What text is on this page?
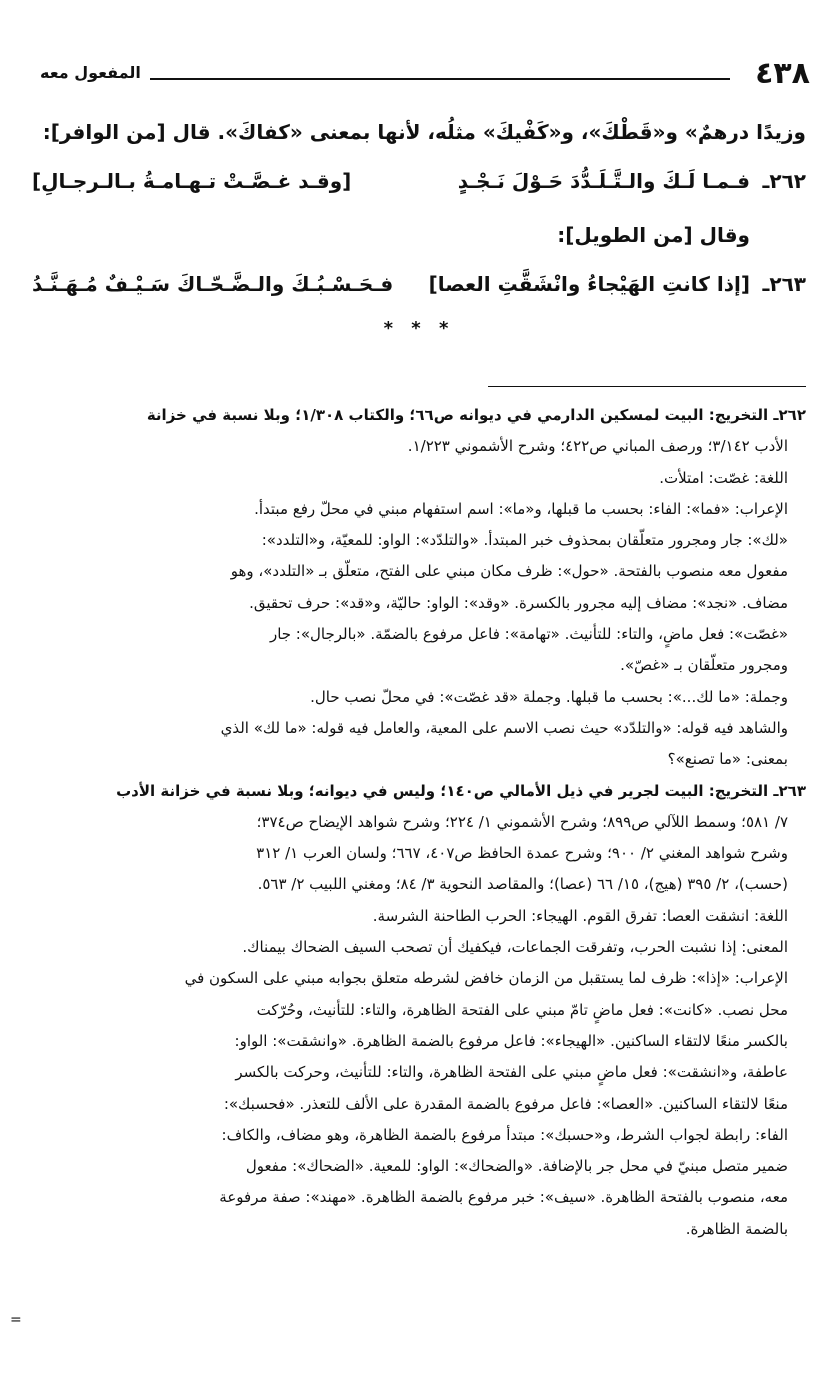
٤٣٨
المفعول معه
وزيدًا درهمٌ» و«قَطْكَ»، و«كَفْيكَ» مثلُه، لأنها بمعنى «كفاكَ». قال [من الوافر]:
٢٦٢ـ
فـمـا لَـكَ والـتَّـلَـدُّدَ حَـوْلَ نَـجْـدٍ
[وقـد غـصَّـتْ تـهـامـةُ بـالـرجـالِ]
وقال [من الطويل]:
٢٦٣ـ
[إذا كانتِ الهَيْجاءُ وانْشَقَّتِ العصا]
فـحَـسْـبُـكَ والـضَّـحّـاكَ سَـيْـفٌ مُـهَـنَّـدُ
* * *

٢٦٢ـ التخريج: البيت لمسكين الدارمي في ديوانه ص٦٦؛ والكتاب ١/٣٠٨؛ وبلا نسبة في خزانة

الأدب ٣/١٤٢؛ ورصف المباني ص٤٢٢؛ وشرح الأشموني ١/٢٢٣.

اللغة: غصّت: امتلأت.

الإعراب: «فما»: الفاء: بحسب ما قبلها، و«ما»: اسم استفهام مبني في محلّ رفع مبتدأ.

«لك»: جار ومجرور متعلّقان بمحذوف خبر المبتدأ. «والتلدّد»: الواو: للمعيّة، و«التلدد»:

مفعول معه منصوب بالفتحة. «حول»: ظرف مكان مبني على الفتح، متعلّق بـ «التلدد»، وهو

مضاف. «نجد»: مضاف إليه مجرور بالكسرة. «وقد»: الواو: حاليّة، و«قد»: حرف تحقيق.

«غصّت»: فعل ماضٍ، والتاء: للتأنيث. «تهامة»: فاعل مرفوع بالضمّة. «بالرجال»: جار

ومجرور متعلّقان بـ «غصّ».

وجملة: «ما لك...»: بحسب ما قبلها. وجملة «قد غصّت»: في محلّ نصب حال.

والشاهد فيه قوله: «والتلدّد» حيث نصب الاسم على المعية، والعامل فيه قوله: «ما لك» الذي

بمعنى: «ما تصنع»؟

٢٦٣ـ التخريج: البيت لجرير في ذيل الأمالي ص١٤٠؛ وليس في ديوانه؛ وبلا نسبة في خزانة الأدب

٧/ ٥٨١؛ وسمط اللآلي ص٨٩٩؛ وشرح الأشموني ١/ ٢٢٤؛ وشرح شواهد الإيضاح ص٣٧٤؛

وشرح شواهد المغني ٢/ ٩٠٠؛ وشرح عمدة الحافظ ص٤٠٧، ٦٦٧؛ ولسان العرب ١/ ٣١٢

(حسب)، ٢/ ٣٩٥ (هيج)، ١٥/ ٦٦ (عصا)؛ والمقاصد النحوية ٣/ ٨٤؛ ومغني اللبيب ٢/ ٥٦٣.

اللغة: انشقت العصا: تفرق القوم. الهيجاء: الحرب الطاحنة الشرسة.

المعنى: إذا نشبت الحرب، وتفرقت الجماعات، فيكفيك أن تصحب السيف الضحاك بيمناك.

الإعراب: «إذا»: ظرف لما يستقبل من الزمان خافض لشرطه متعلق بجوابه مبني على السكون في

محل نصب. «كانت»: فعل ماضٍ تامّ مبني على الفتحة الظاهرة، والتاء: للتأنيث، وحُرّكت

بالكسر منعًا لالتقاء الساكنين. «الهيجاء»: فاعل مرفوع بالضمة الظاهرة. «وانشقت»: الواو:

عاطفة، و«انشقت»: فعل ماضٍ مبني على الفتحة الظاهرة، والتاء: للتأنيث، وحركت بالكسر

منعًا لالتقاء الساكنين. «العصا»: فاعل مرفوع بالضمة المقدرة على الألف للتعذر. «فحسبك»:

الفاء: رابطة لجواب الشرط، و«حسبك»: مبتدأ مرفوع بالضمة الظاهرة، وهو مضاف، والكاف:

ضمير متصل مبنيّ في محل جر بالإضافة. «والضحاك»: الواو: للمعية. «الضحاك»: مفعول

معه، منصوب بالفتحة الظاهرة. «سيف»: خبر مرفوع بالضمة الظاهرة. «مهند»: صفة مرفوعة

بالضمة الظاهرة.

=
